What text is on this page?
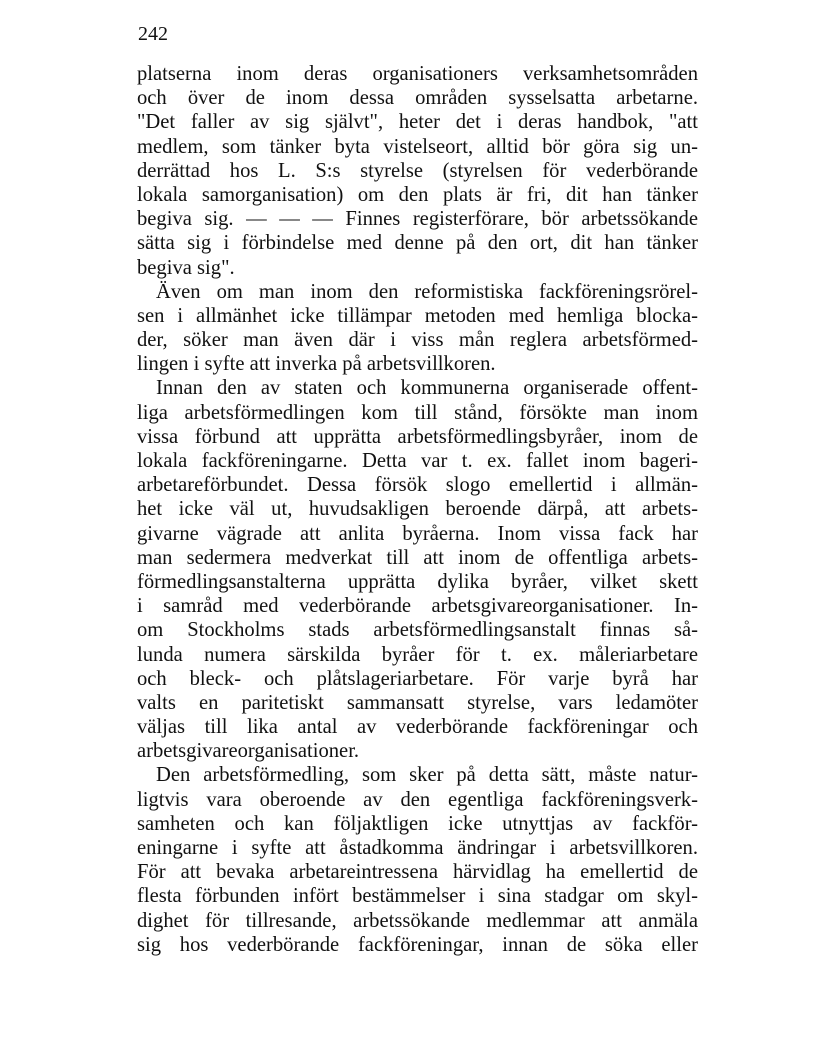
242
platserna inom deras organisationers verksamhetsområden
och över de inom dessa områden sysselsatta arbetarne.
"Det faller av sig självt", heter det i deras handbok, "att
medlem, som tänker byta vistelseort, alltid bör göra sig un-
derrättad hos L. S:s styrelse (styrelsen för vederbörande
lokala samorganisation) om den plats är fri, dit han tänker
begiva sig. — — — Finnes registerförare, bör arbetssökande
sätta sig i förbindelse med denne på den ort, dit han tänker
begiva sig".
Även om man inom den reformistiska fackföreningsrörel-
sen i allmänhet icke tillämpar metoden med hemliga blocka-
der, söker man även där i viss mån reglera arbetsförmed-
lingen i syfte att inverka på arbetsvillkoren.
Innan den av staten och kommunerna organiserade offent-
liga arbetsförmedlingen kom till stånd, försökte man inom
vissa förbund att upprätta arbetsförmedlingsbyråer, inom de
lokala fackföreningarne. Detta var t. ex. fallet inom bageri-
arbetareförbundet. Dessa försök slogo emellertid i allmän-
het icke väl ut, huvudsakligen beroende därpå, att arbets-
givarne vägrade att anlita byråerna. Inom vissa fack har
man sedermera medverkat till att inom de offentliga arbets-
förmedlingsanstalterna upprätta dylika byråer, vilket skett
i samråd med vederbörande arbetsgivareorganisationer. In-
om Stockholms stads arbetsförmedlingsanstalt finnas så-
lunda numera särskilda byråer för t. ex. måleriarbetare
och bleck- och plåtslageriarbetare. För varje byrå har
valts en paritetiskt sammansatt styrelse, vars ledamöter
väljas till lika antal av vederbörande fackföreningar och
arbetsgivareorganisationer.
Den arbetsförmedling, som sker på detta sätt, måste natur-
ligtvis vara oberoende av den egentliga fackföreningsverk-
samheten och kan följaktligen icke utnyttjas av fackför-
eningarne i syfte att åstadkomma ändringar i arbetsvillkoren.
För att bevaka arbetareintressena härvidlag ha emellertid de
flesta förbunden infört bestämmelser i sina stadgar om skyl-
dighet för tillresande, arbetssökande medlemmar att anmäla
sig hos vederbörande fackföreningar, innan de söka eller
